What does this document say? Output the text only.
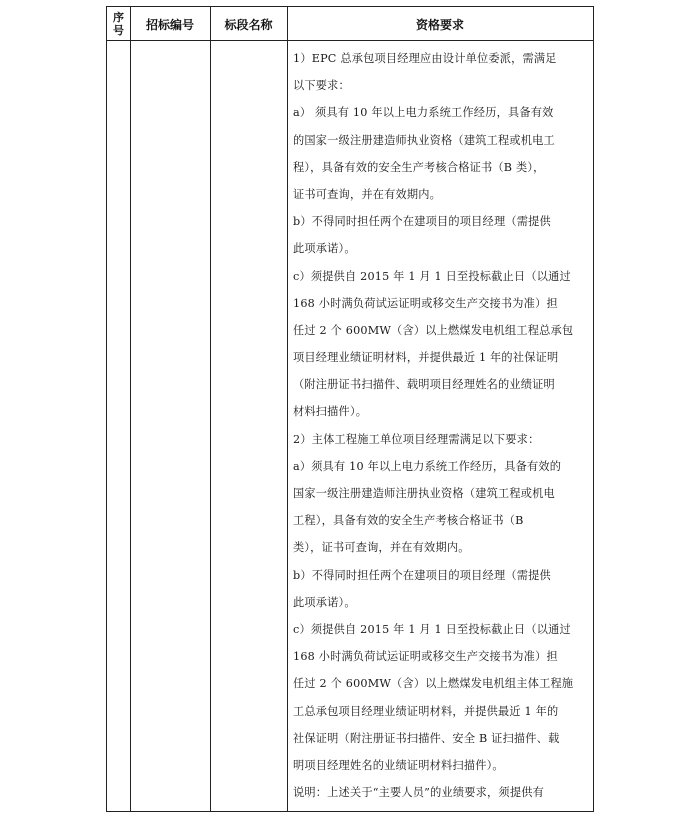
序
号	招标编号	标段名称	资格要求
1）EPC 总承包项目经理应由设计单位委派，需满足
以下要求：
a） 须具有 10 年以上电力系统工作经历，具备有效
的国家一级注册建造师执业资格（建筑工程或机电工
程），具备有效的安全生产考核合格证书（B 类），
证书可查询，并在有效期内。
b）不得同时担任两个在建项目的项目经理（需提供
此项承诺）。
c）须提供自 2015 年 1 月 1 日至投标截止日（以通过
168 小时满负荷试运证明或移交生产交接书为准）担
任过 2 个 600MW（含）以上燃煤发电机组工程总承包
项目经理业绩证明材料，并提供最近 1 年的社保证明
（附注册证书扫描件、载明项目经理姓名的业绩证明
材料扫描件）。
2）主体工程施工单位项目经理需满足以下要求：
a）须具有 10 年以上电力系统工作经历，具备有效的
国家一级注册建造师注册执业资格（建筑工程或机电
工程），具备有效的安全生产考核合格证书（B
类），证书可查询，并在有效期内。
b）不得同时担任两个在建项目的项目经理（需提供
此项承诺）。
c）须提供自 2015 年 1 月 1 日至投标截止日（以通过
168 小时满负荷试运证明或移交生产交接书为准）担
任过 2 个 600MW（含）以上燃煤发电机组主体工程施
工总承包项目经理业绩证明材料，并提供最近 1 年的
社保证明（附注册证书扫描件、安全 B 证扫描件、载
明项目经理姓名的业绩证明材料扫描件）。
说明：上述关于“主要人员”的业绩要求，须提供有
